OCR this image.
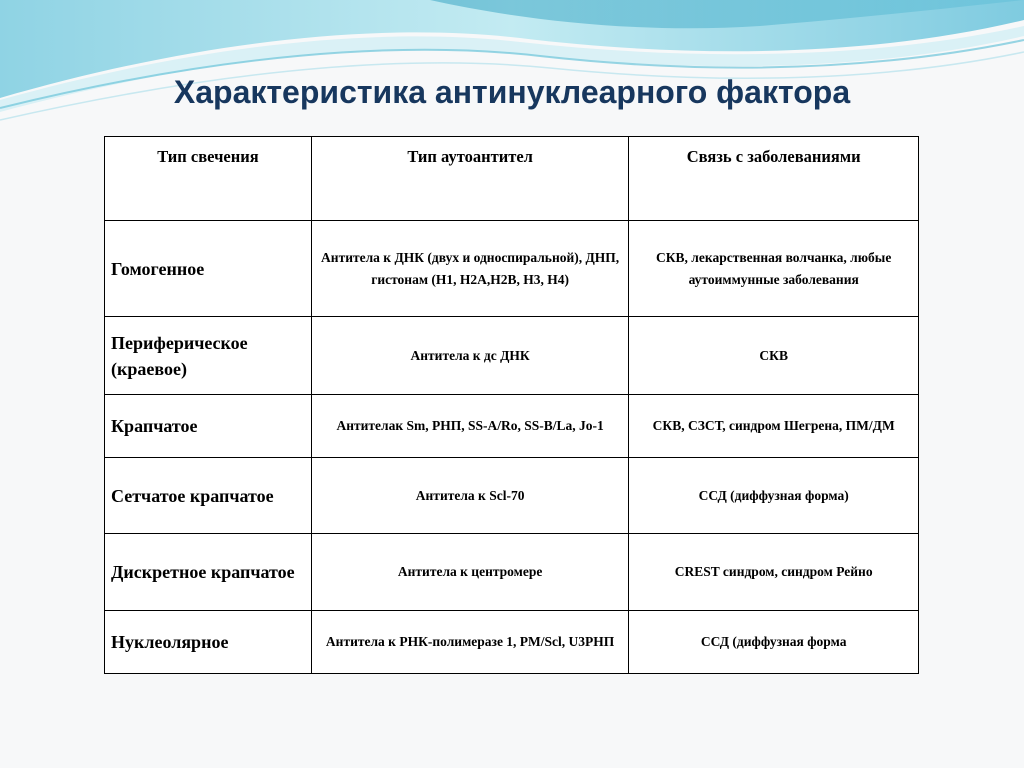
Характеристика антинуклеарного фактора
Тип свечения	Тип аутоантител	Связь с заболеваниями
Гомогенное	Антитела к ДНК (двух и односпиральной), ДНП, гистонам (Н1, Н2А,Н2В, Н3, Н4)	СКВ, лекарственная волчанка, любые аутоиммунные заболевания
Периферическое (краевое)	Антитела к дс ДНК	СКВ
Крапчатое	Антителак Sm, РНП, SS-A/Ro, SS-B/La, Jo-1	СКВ, СЗСТ, синдром Шегрена, ПМ/ДМ
Сетчатое крапчатое	Антитела к Scl-70	ССД (диффузная форма)
Дискретное крапчатое	Антитела к центромере	CREST синдром, синдром Рейно
Нуклеолярное	Антитела к РНК-полимеразе 1, PM/Scl, U3РНП	ССД (диффузная форма
